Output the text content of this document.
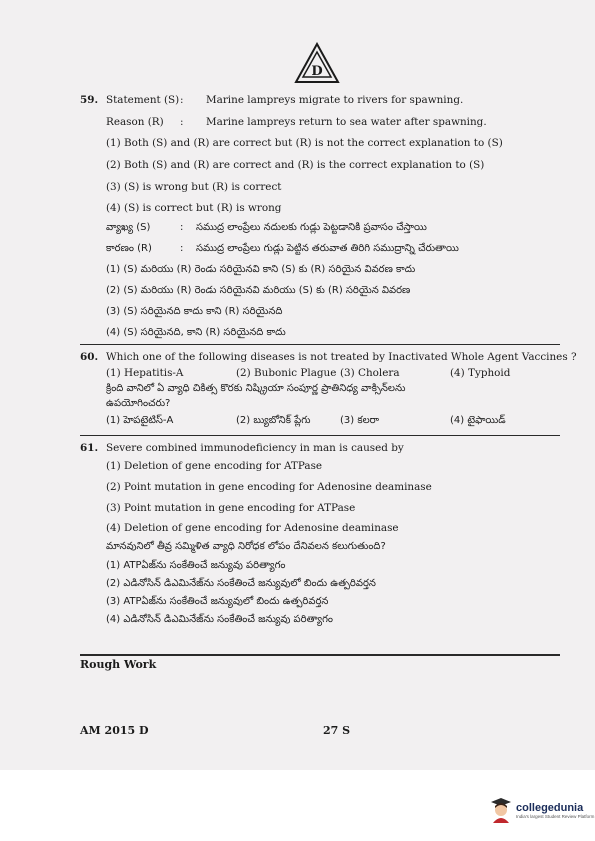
D
59. Statement (S) : Marine lampreys migrate to rivers for spawning.
Reason (R) : Marine lampreys return to sea water after spawning.
(1) Both (S) and (R) are correct but (R) is not the correct explanation to (S)
(2) Both (S) and (R) are correct and (R) is the correct explanation to (S)
(3) (S) is wrong but (R) is correct
(4) (S) is correct but (R) is wrong
వ్యాఖ్య (S)	: సముద్ర లాంప్రేలు నదులకు గుడ్లు పెట్టడానికి ప్రవాసం చేస్తాయి
కారణం (R)	: సముద్ర లాంప్రేలు గుడ్లు పెట్టిన తరువాత తిరిగి సముద్రాన్ని చేరుతాయి
(1) (S) మరియు (R) రెండు సరియైనవి కాని (S) కు (R) సరియైన వివరణ కాదు
(2) (S) మరియు (R) రెండు సరియైనవి మరియు (S) కు (R) సరియైన వివరణ
(3) (S) సరియైనది కాదు కాని (R) సరియైనది
(4) (S) సరియైనది, కాని (R) సరియైనది కాదు
60. Which one of the following diseases is not treated by Inactivated Whole Agent Vaccines ?
(1) Hepatitis-A	(2) Bubonic Plague (3) Cholera	(4) Typhoid
క్రింది వానిలో ఏ వ్యాధి చికిత్స కొరకు నిష్క్రియా సంపూర్ణ ప్రాతినిధ్య వాక్సిన్‌లను
ఉపయోగించరు?
(1) హెపటైటిస్-A	(2) బ్యుబోనిక్ ప్లేగు	(3) కలరా	(4) టైఫాయిడ్
61. Severe combined immunodeficiency in man is caused by
(1) Deletion of gene encoding for ATPase
(2) Point mutation in gene encoding for Adenosine deaminase
(3) Point mutation in gene encoding for ATPase
(4) Deletion of gene encoding for Adenosine deaminase
మానవునిలో తీవ్ర సమ్మిళిత వ్యాధి నిరోధక లోపం దేనివలన కలుగుతుంది?
(1) ATPఏజ్‌ను సంకేతించే జన్యువు పరిత్యాగం
(2) ఎడినోసిన్ డిఎమినేజ్‌ను సంకేతించే జన్యువులో బిందు ఉత్పరివర్తన
(3) ATPఏజ్‌ను సంకేతించే జన్యువులో బిందు ఉత్పరివర్తన
(4) ఎడినోసిన్ డిఎమినేజ్‌ను సంకేతించే జన్యువు పరిత్యాగం
Rough Work
AM 2015 D	27 S
collegedunia
India's largest Student Review Platform
